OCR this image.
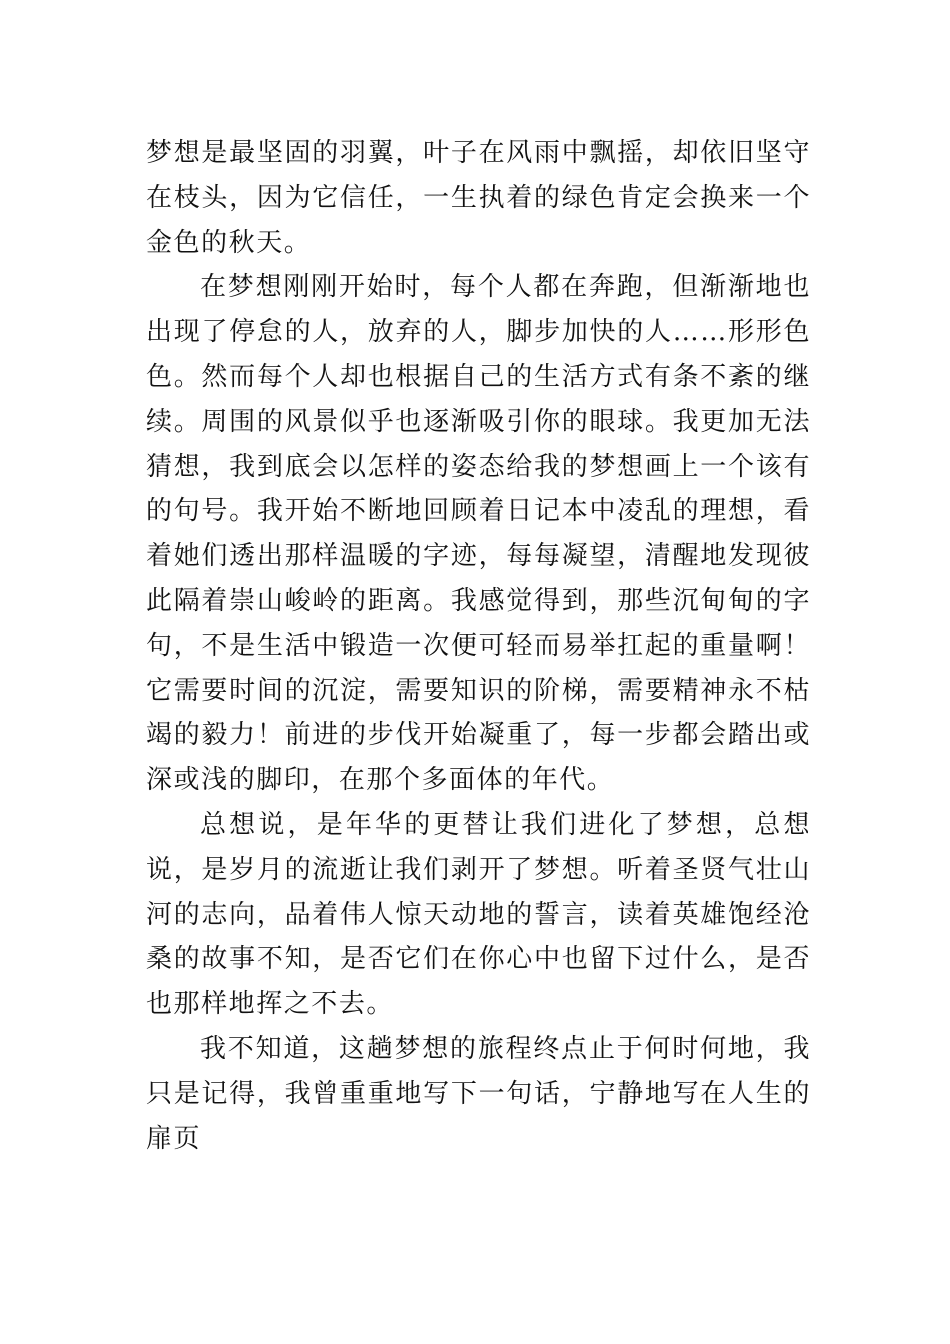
梦想是最坚固的羽翼，叶子在风雨中飘摇，却依旧坚守在枝头，因为它信任，一生执着的绿色肯定会换来一个金色的秋天。

在梦想刚刚开始时，每个人都在奔跑，但渐渐地也出现了停怠的人，放弃的人，脚步加快的人……形形色色。然而每个人却也根据自己的生活方式有条不紊的继续。周围的风景似乎也逐渐吸引你的眼球。我更加无法猜想，我到底会以怎样的姿态给我的梦想画上一个该有的句号。我开始不断地回顾着日记本中凌乱的理想，看着她们透出那样温暖的字迹，每每凝望，清醒地发现彼此隔着崇山峻岭的距离。我感觉得到，那些沉甸甸的字句，不是生活中锻造一次便可轻而易举扛起的重量啊！它需要时间的沉淀，需要知识的阶梯，需要精神永不枯竭的毅力！前进的步伐开始凝重了，每一步都会踏出或深或浅的脚印，在那个多面体的年代。

总想说，是年华的更替让我们进化了梦想，总想说，是岁月的流逝让我们剥开了梦想。听着圣贤气壮山河的志向，品着伟人惊天动地的誓言，读着英雄饱经沧桑的故事不知，是否它们在你心中也留下过什么，是否也那样地挥之不去。

我不知道，这趟梦想的旅程终点止于何时何地，我只是记得，我曾重重地写下一句话，宁静地写在人生的扉页
